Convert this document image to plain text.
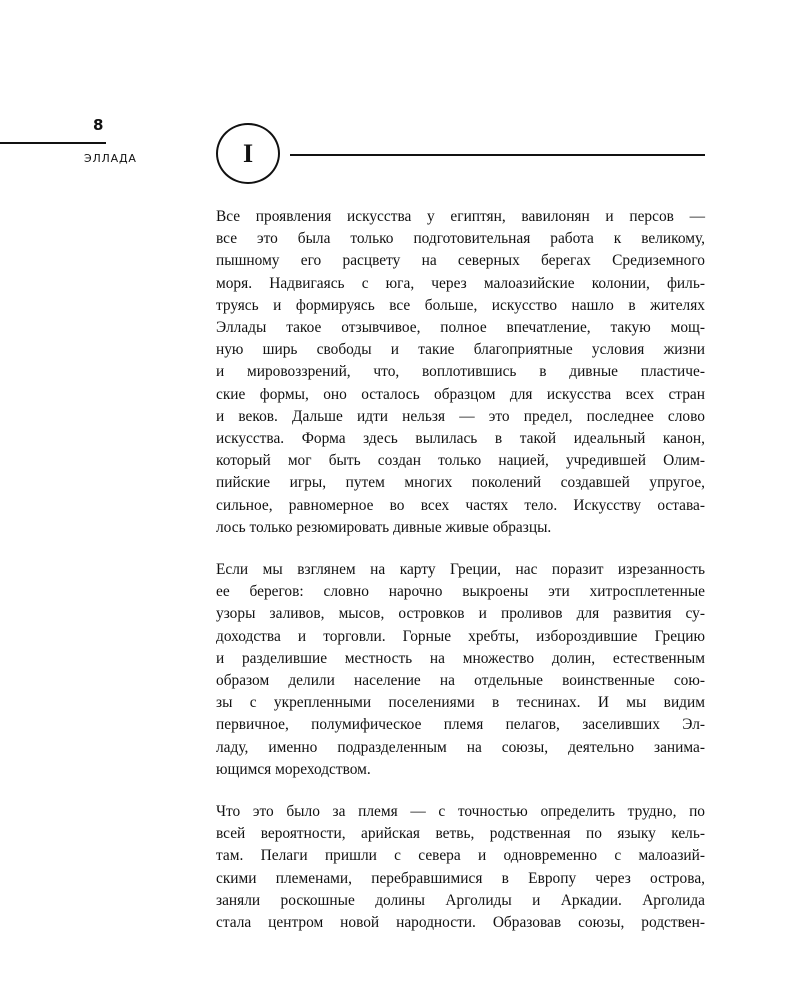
8
ЭЛЛАДА	I

Все проявления искусства у египтян, вавилонян и персов —
все это была только подготовительная работа к великому,
пышному его расцвету на северных берегах Средиземного
моря. Надвигаясь с юга, через малоазийские колонии, филь-
труясь и формируясь все больше, искусство нашло в жителях
Эллады такое отзывчивое, полное впечатление, такую мощ-
ную ширь свободы и такие благоприятные условия жизни
и мировоззрений, что, воплотившись в дивные пластиче-
ские формы, оно осталось образцом для искусства всех стран
и веков. Дальше идти нельзя — это предел, последнее слово
искусства. Форма здесь вылилась в такой идеальный канон,
который мог быть создан только нацией, учредившей Олим-
пийские игры, путем многих поколений создавшей упругое,
сильное, равномерное во всех частях тело. Искусству остава-
лось только резюмировать дивные живые образцы.

Если мы взглянем на карту Греции, нас поразит изрезанность
ее берегов: словно нарочно выкроены эти хитросплетенные
узоры заливов, мысов, островков и проливов для развития су-
доходства и торговли. Горные хребты, избороздившие Грецию
и разделившие местность на множество долин, естественным
образом делили население на отдельные воинственные сою-
зы с укрепленными поселениями в теснинах. И мы видим
первичное, полумифическое племя пелагов, заселивших Эл-
ладу, именно подразделенным на союзы, деятельно занима-
ющимся мореходством.

Что это было за племя — с точностью определить трудно, по
всей вероятности, арийская ветвь, родственная по языку кель-
там. Пелаги пришли с севера и одновременно с малоазий-
скими племенами, перебравшимися в Европу через острова,
заняли роскошные долины Арголиды и Аркадии. Арголида
стала центром новой народности. Образовав союзы, родствен-
